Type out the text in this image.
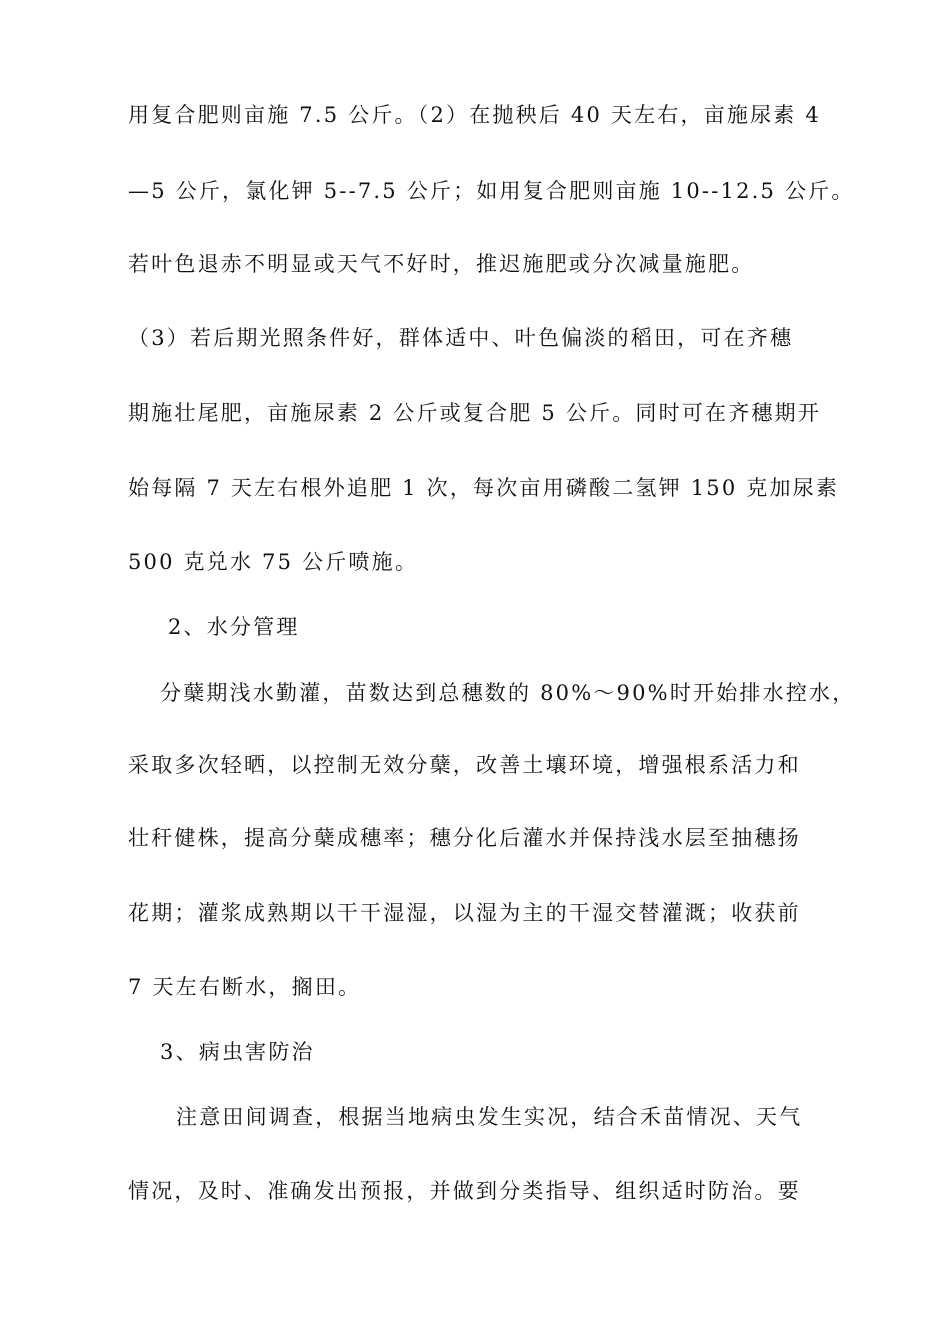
用复合肥则亩施 7.5 公斤。（2）在抛秧后 40 天左右，亩施尿素 4
—5 公斤，氯化钾 5--7.5 公斤；如用复合肥则亩施 10--12.5 公斤。
若叶色退赤不明显或天气不好时，推迟施肥或分次减量施肥。
（3）若后期光照条件好，群体适中、叶色偏淡的稻田，可在齐穗
期施壮尾肥，亩施尿素 2 公斤或复合肥 5 公斤。同时可在齐穗期开
始每隔 7 天左右根外追肥 1 次，每次亩用磷酸二氢钾 150 克加尿素
500 克兑水 75 公斤喷施。
2、水分管理
分蘖期浅水勤灌，苗数达到总穗数的 80%～90%时开始排水控水，
采取多次轻晒，以控制无效分蘖，改善土壤环境，增强根系活力和
壮秆健株，提高分蘖成穗率；穗分化后灌水并保持浅水层至抽穗扬
花期；灌浆成熟期以干干湿湿，以湿为主的干湿交替灌溉；收获前
7 天左右断水，搁田。
3、病虫害防治
注意田间调查，根据当地病虫发生实况，结合禾苗情况、天气
情况，及时、准确发出预报，并做到分类指导、组织适时防治。要
